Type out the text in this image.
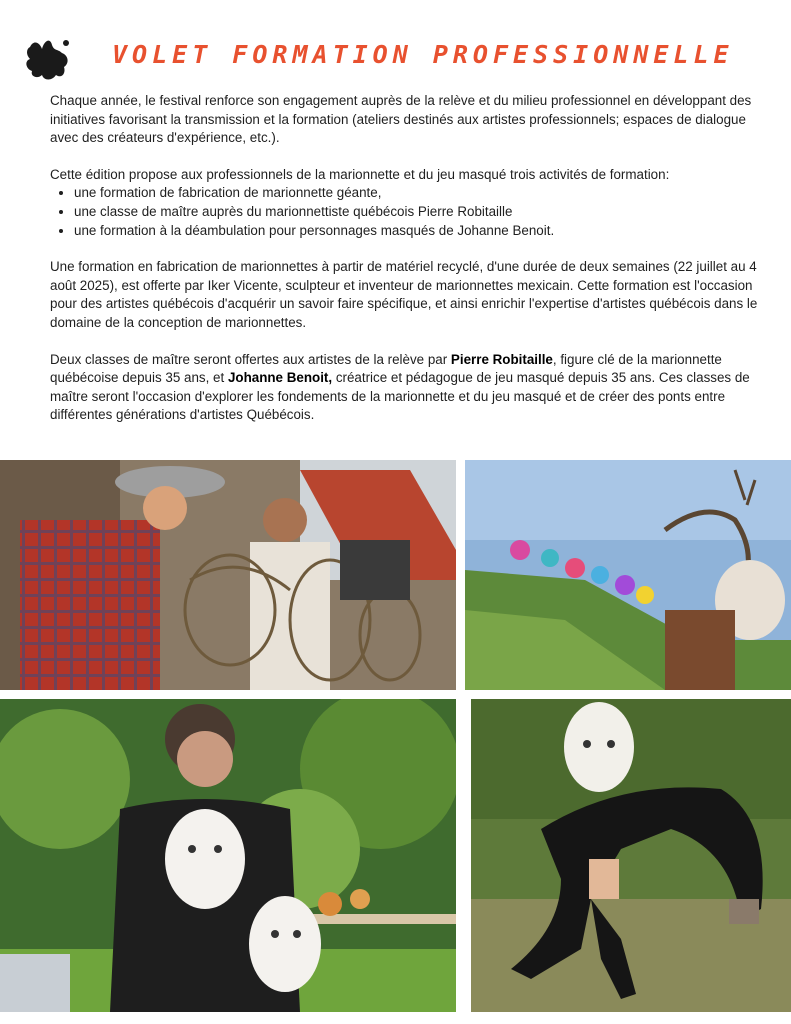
VOLET FORMATION PROFESSIONNELLE

Chaque année, le festival renforce son engagement auprès de la relève et du milieu professionnel en développant des initiatives favorisant la transmission et la formation (ateliers destinés aux artistes professionnels; espaces de dialogue avec des créateurs d'expérience, etc.).

Cette édition propose aux professionnels de la marionnette et du jeu masqué trois activités de formation:

• une formation de fabrication de marionnette géante,
• une classe de maître auprès du marionnettiste québécois Pierre Robitaille
• une formation à la déambulation pour personnages masqués de Johanne Benoit.

Une formation en fabrication de marionnettes à partir de matériel recyclé, d'une durée de deux semaines (22 juillet au 4 août 2025), est offerte par Iker Vicente, sculpteur et inventeur de marionnettes mexicain. Cette formation est l'occasion pour des artistes québécois d'acquérir un savoir faire spécifique, et ainsi enrichir l'expertise d'artistes québécois dans le domaine de la conception de marionnettes.

Deux classes de maître seront offertes aux artistes de la relève par Pierre Robitaille, figure clé de la marionnette québécoise depuis 35 ans, et Johanne Benoit, créatrice et pédagogue de jeu masqué depuis 35 ans. Ces classes de maître seront l'occasion d'explorer les fondements de la marionnette et du jeu masqué et de créer des ponts entre différentes générations d'artistes Québécois.
